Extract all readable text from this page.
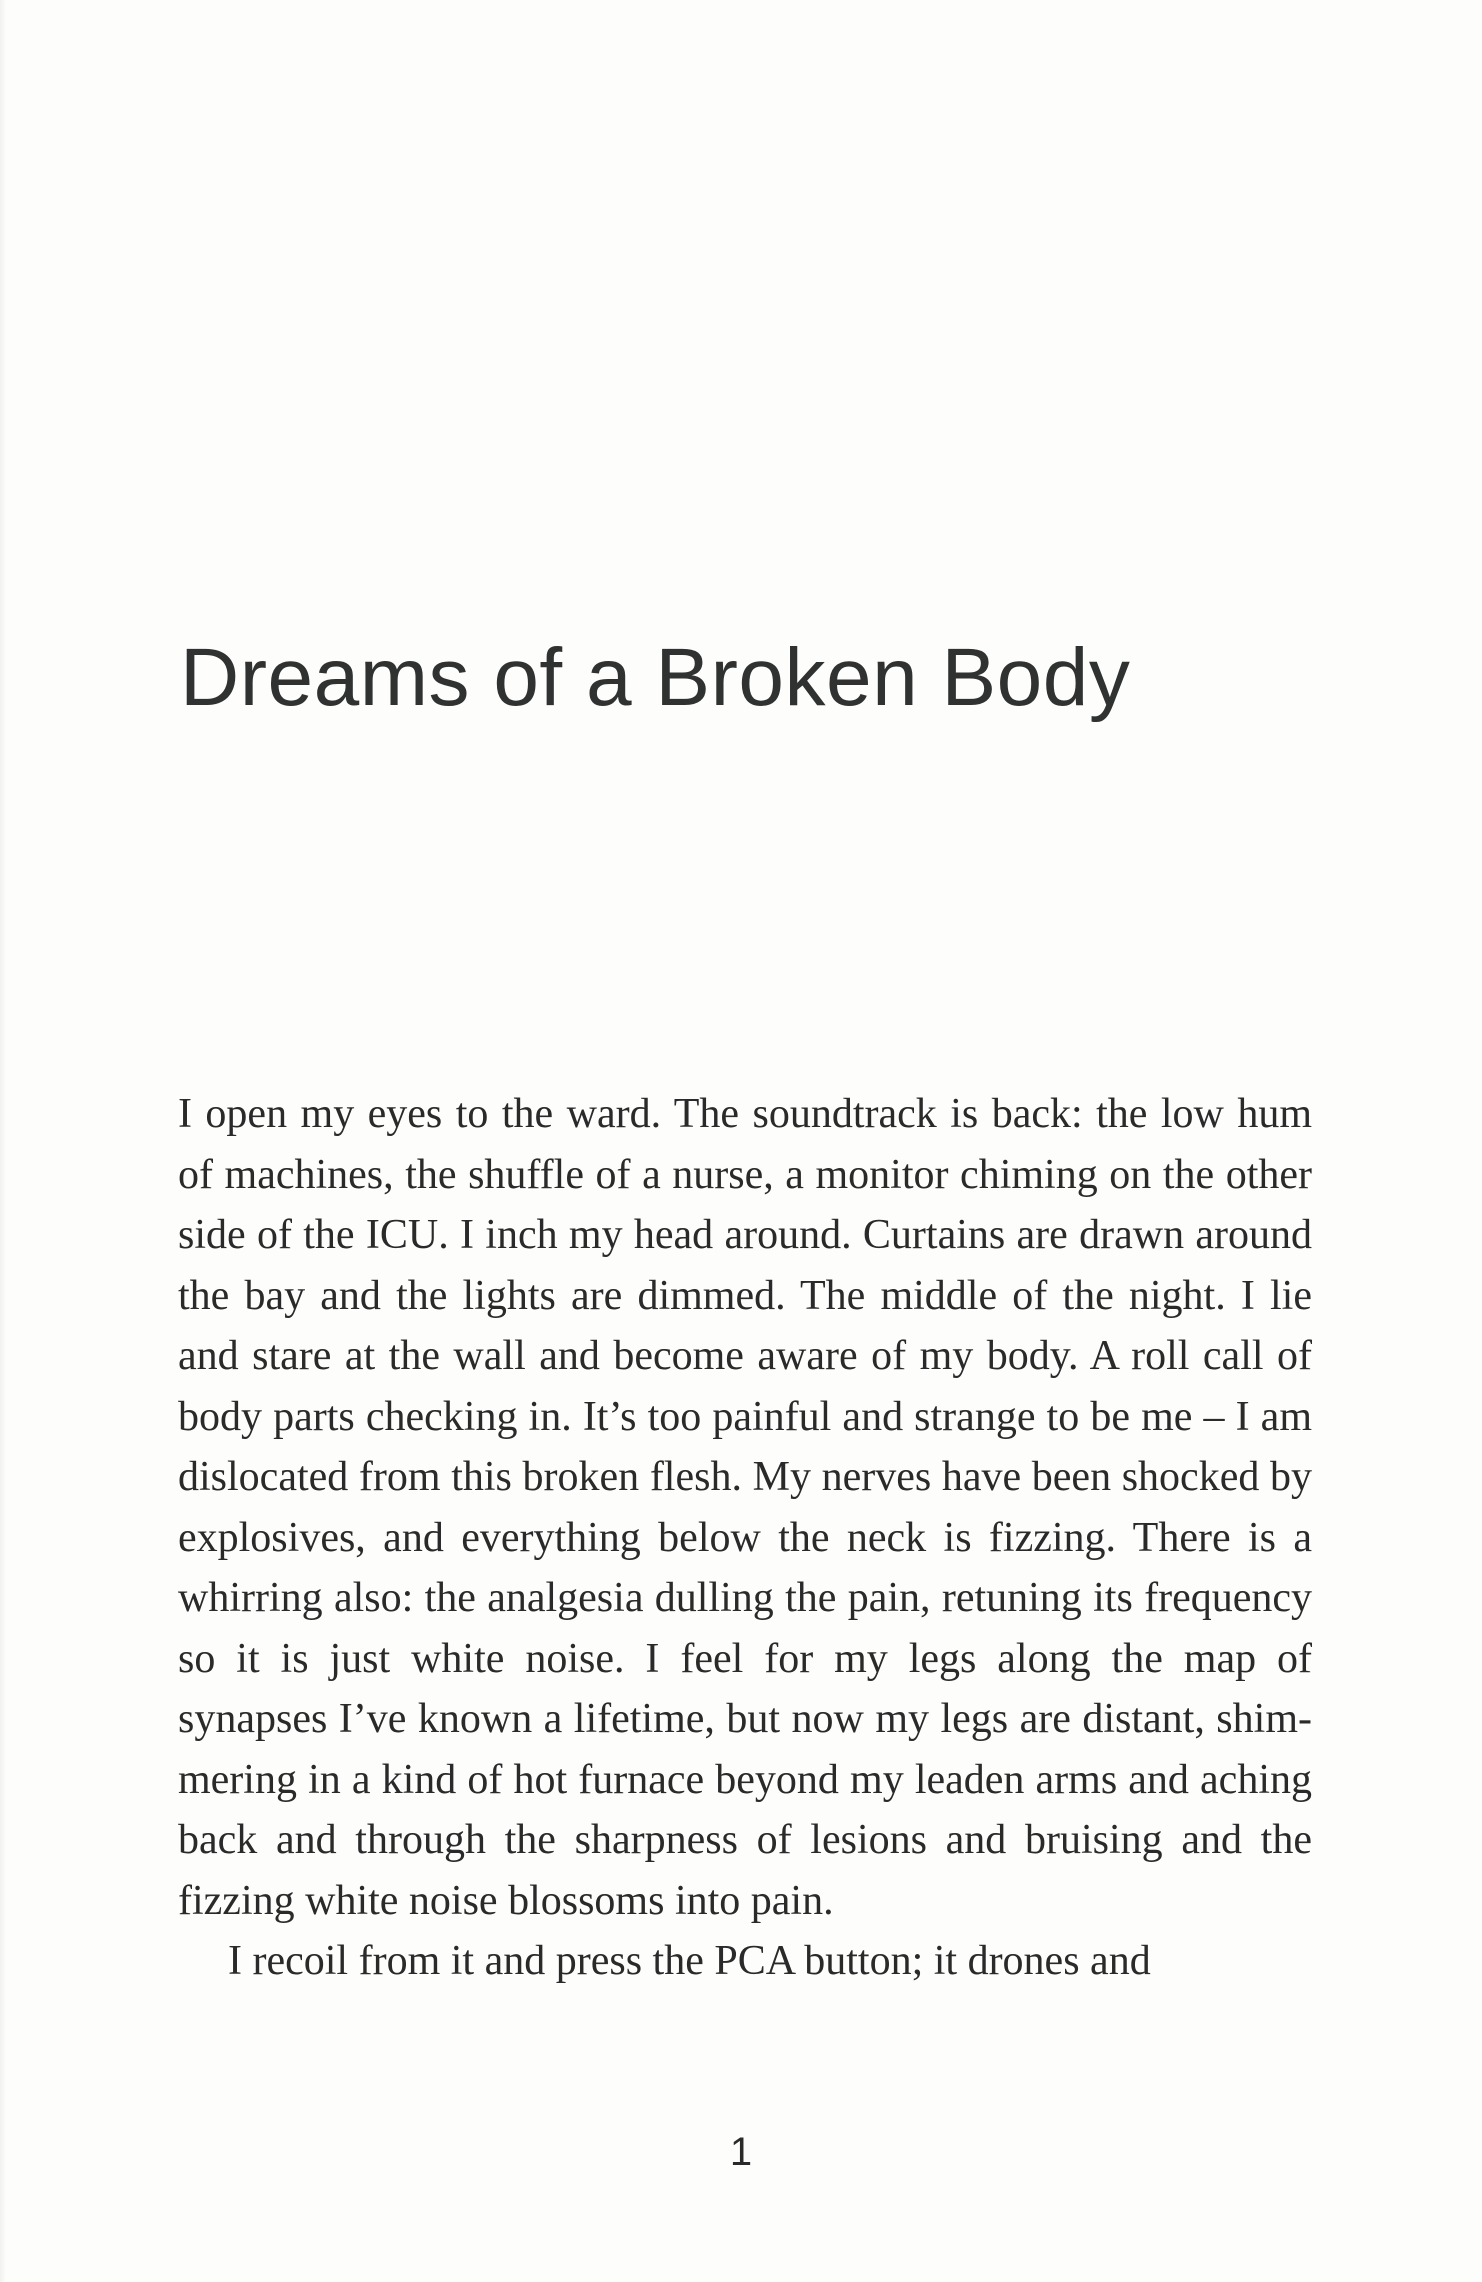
Dreams of a Broken Body

I open my eyes to the ward. The soundtrack is back: the low hum of machines, the shuffle of a nurse, a monitor chiming on the other side of the ICU. I inch my head around. Curtains are drawn around the bay and the lights are dimmed. The middle of the night. I lie and stare at the wall and become aware of my body. A roll call of body parts checking in. It’s too painful and strange to be me – I am dislocated from this broken flesh. My nerves have been shocked by explosives, and everything below the neck is fizzing. There is a whirring also: the analgesia dulling the pain, retuning its frequency so it is just white noise. I feel for my legs along the map of synapses I’ve known a lifetime, but now my legs are distant, shimmering in a kind of hot furnace beyond my leaden arms and aching back and through the sharpness of lesions and bruising and the fizzing white noise blossoms into pain.

I recoil from it and press the PCA button; it drones and

1
